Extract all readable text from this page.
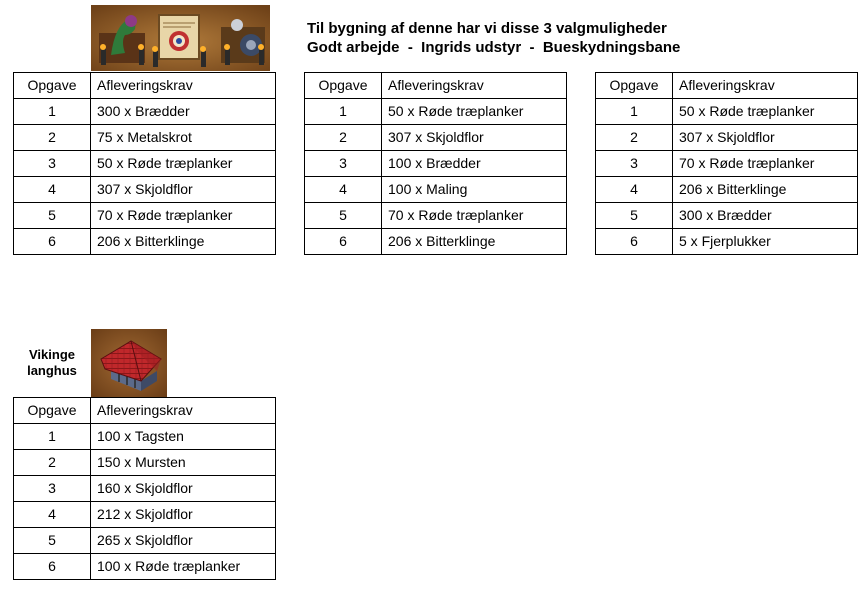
Til bygning af denne har vi disse 3 valgmuligheder
Godt arbejde  -  Ingrids udstyr  -  Bueskydningsbane
Opgave	Afleveringskrav
1	300 x Brædder
2	75 x Metalskrot
3	50 x Røde træplanker
4	307 x Skjoldflor
5	70 x Røde træplanker
6	206 x Bitterklinge
Opgave	Afleveringskrav
1	50 x Røde træplanker
2	307 x Skjoldflor
3	100 x Brædder
4	100 x Maling
5	70 x Røde træplanker
6	206 x Bitterklinge
Opgave	Afleveringskrav
1	50 x Røde træplanker
2	307 x Skjoldflor
3	70 x Røde træplanker
4	206 x Bitterklinge
5	300 x Brædder
6	5 x Fjerplukker
Vikinge
langhus
Opgave	Afleveringskrav
1	100 x Tagsten
2	150 x Mursten
3	160 x Skjoldflor
4	212 x Skjoldflor
5	265 x Skjoldflor
6	100 x Røde træplanker
